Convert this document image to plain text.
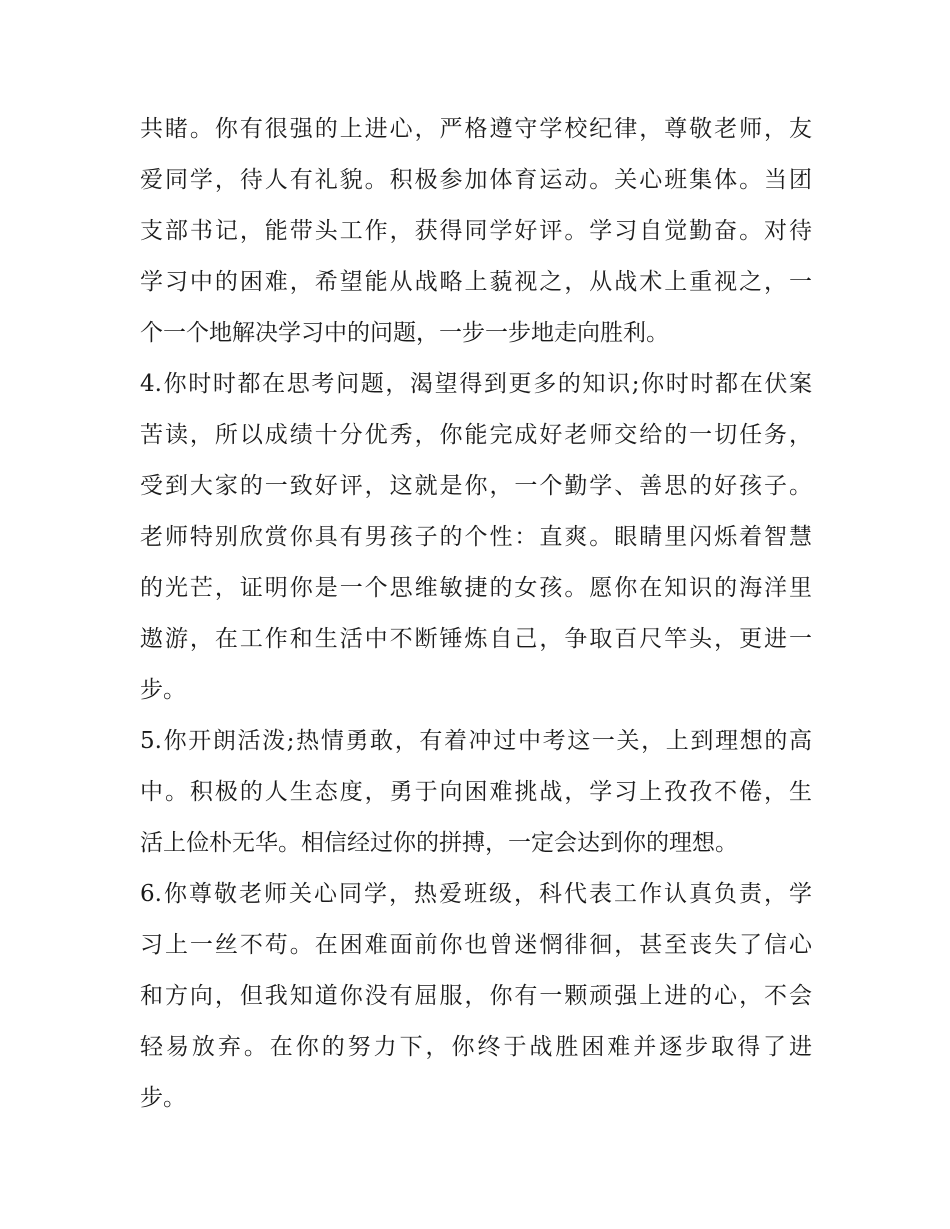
共睹。你有很强的上进心，严格遵守学校纪律，尊敬老师，友
爱同学，待人有礼貌。积极参加体育运动。关心班集体。当团
支部书记，能带头工作，获得同学好评。学习自觉勤奋。对待
学习中的困难，希望能从战略上藐视之，从战术上重视之，一
个一个地解决学习中的问题，一步一步地走向胜利。

4.你时时都在思考问题，渴望得到更多的知识;你时时都在伏案
苦读，所以成绩十分优秀，你能完成好老师交给的一切任务，
受到大家的一致好评，这就是你，一个勤学、善思的好孩子。
老师特别欣赏你具有男孩子的个性：直爽。眼睛里闪烁着智慧
的光芒，证明你是一个思维敏捷的女孩。愿你在知识的海洋里
遨游，在工作和生活中不断锤炼自己，争取百尺竿头，更进一
步。

5.你开朗活泼;热情勇敢，有着冲过中考这一关，上到理想的高
中。积极的人生态度，勇于向困难挑战，学习上孜孜不倦，生
活上俭朴无华。相信经过你的拼搏，一定会达到你的理想。

6.你尊敬老师关心同学，热爱班级，科代表工作认真负责，学
习上一丝不苟。在困难面前你也曾迷惘徘徊，甚至丧失了信心
和方向，但我知道你没有屈服，你有一颗顽强上进的心，不会
轻易放弃。在你的努力下，你终于战胜困难并逐步取得了进
步。
